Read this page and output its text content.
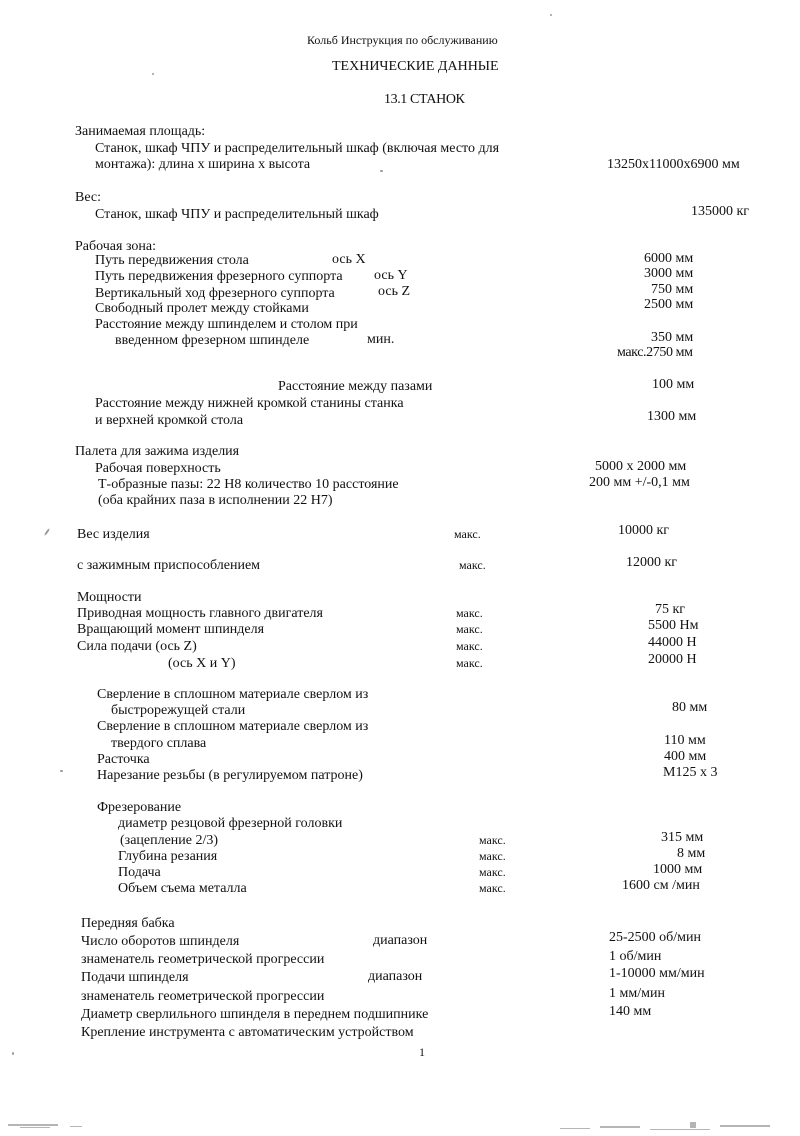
Кольб Инструкция по обслуживанию
ТЕХНИЧЕСКИЕ ДАННЫЕ
13.1 СТАНОК
Занимаемая площадь:
Станок, шкаф ЧПУ и распределительный шкаф (включая место для
монтажа): длина х ширина х высота	13250x11000x6900 мм
Вес:
Станок, шкаф ЧПУ и распределительный шкаф	135000 кг
Рабочая зона:
Путь передвижения стола	ось X	6000 мм
Путь передвижения фрезерного суппорта ось Y	3000 мм
Вертикальный ход фрезерного суппорта	ось Z	750 мм
Свободный пролет между стойками	2500 мм
Расстояние между шпинделем и столом при
введенном фрезерном шпинделе	мин.	350 мм
макс.2750 мм
Расстояние между пазами	100 мм
Расстояние между нижней кромкой станины станка
и верхней кромкой стола	1300 мм
Палета для зажима изделия
Рабочая поверхность	5000 x 2000 мм
Т-образные пазы: 22 Н8 количество 10 расстояние	200 мм +/-0,1 мм
(оба крайних паза в исполнении 22 Н7)
Вес изделия	макс.	10000 кг
с зажимным приспособлением	макс.	12000 кг
Мощности
Приводная мощность главного двигателя	макс.	75 кг
Вращающий момент шпинделя	макс.	5500 Нм
Сила подачи (ось Z)	макс.	44000 Н
(ось X и Y)	макс.	20000 Н
Сверление в сплошном материале сверлом из
быстрорежущей стали	80 мм
Сверление в сплошном материале сверлом из
твердого сплава	110 мм
Расточка	400 мм
Нарезание резьбы (в регулируемом патроне)	M125 x 3
Фрезерование
диаметр резцовой фрезерной головки
(зацепление 2/3)	макс.	315 мм
Глубина резания	макс.	8 мм
Подача	макс.	1000 мм
Объем съема металла	макс.	1600 см /мин
Передняя бабка
Число оборотов шпинделя	диапазон	25-2500 об/мин
знаменатель геометрической прогрессии	1 об/мин
Подачи шпинделя	диапазон	1-10000 мм/мин
знаменатель геометрической прогрессии	1 мм/мин
Диаметр сверлильного шпинделя в переднем подшипнике	140 мм
Крепление инструмента с автоматическим устройством
1
